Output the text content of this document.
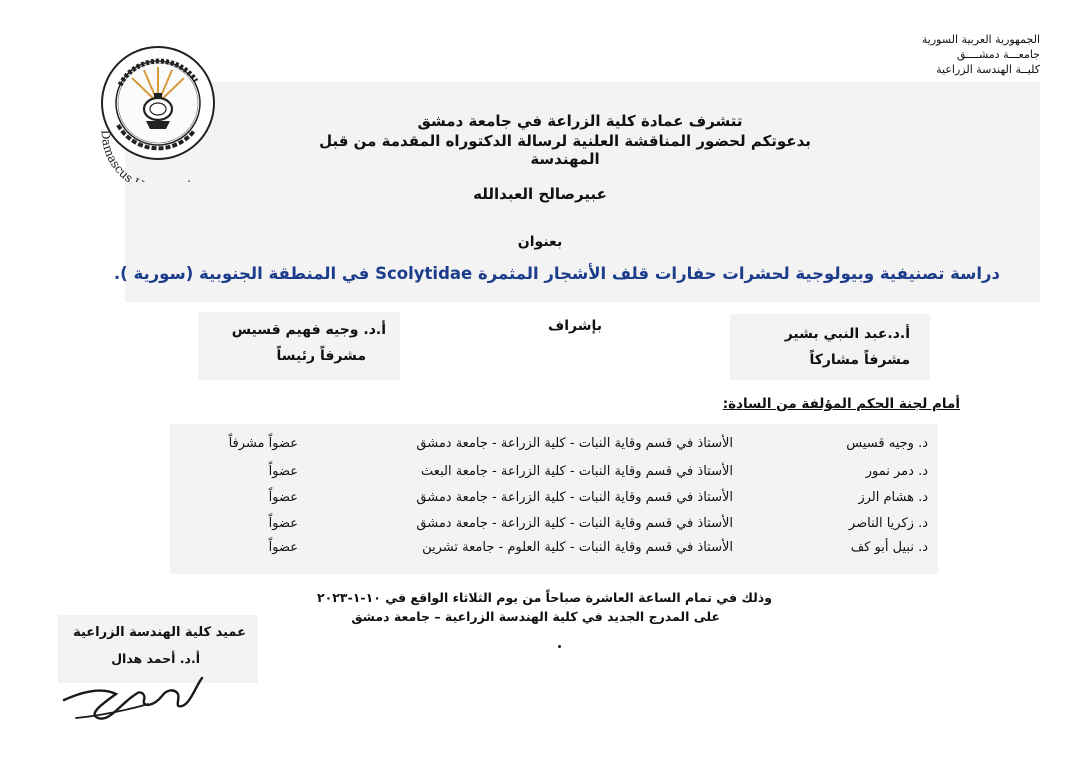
الجمهورية العربية السورية
جامعـــة دمشــــق
كليــة الهندسة الزراعية
Damascus
تتشرف عمادة كلية الزراعة في جامعة دمشق
بدعوتكم لحضور المناقشة العلنية لرسالة الدكتوراه المقدمة من قبل المهندسة
عبيرصالح العبدالله
بعنوان
دراسة تصنيفية وبيولوجية لحشرات حفارات قلف الأشجار المثمرة Scolytidae في المنطقة الجنوبية (سورية ).
أ.د. وجيه فهيم قسيس
مشرفاً رئيساً
بإشراف	أ.د.عبد النبي بشير
مشرفاً مشاركاً
أمام لجنة الحكم المؤلفة من السادة:
د. وجيه قسيس
الأستاذ في قسم وقاية النبات - كلية الزراعة - جامعة دمشق
عضواً مشرفاً
د. دمر نمور
الأستاذ في قسم وقاية النبات - كلية الزراعة - جامعة البعث
عضواً
د. هشام الرز
الأستاذ في قسم وقاية النبات - كلية الزراعة - جامعة دمشق
عضواً
د. زكريا الناصر
الأستاذ في قسم وقاية النبات - كلية الزراعة - جامعة دمشق
عضواً
د. نبيل أبو كف
الأستاذ في قسم وقاية النبات - كلية العلوم - جامعة تشرين
عضواً
وذلك في تمام الساعة العاشرة صباحاً من يوم الثلاثاء الواقع في ١٠-١-٢٠٢٣
على المدرج الجديد في كلية الهندسة الزراعية – جامعة دمشق
عميد كلية الهندسة الزراعية
أ.د. أحمد هدال
